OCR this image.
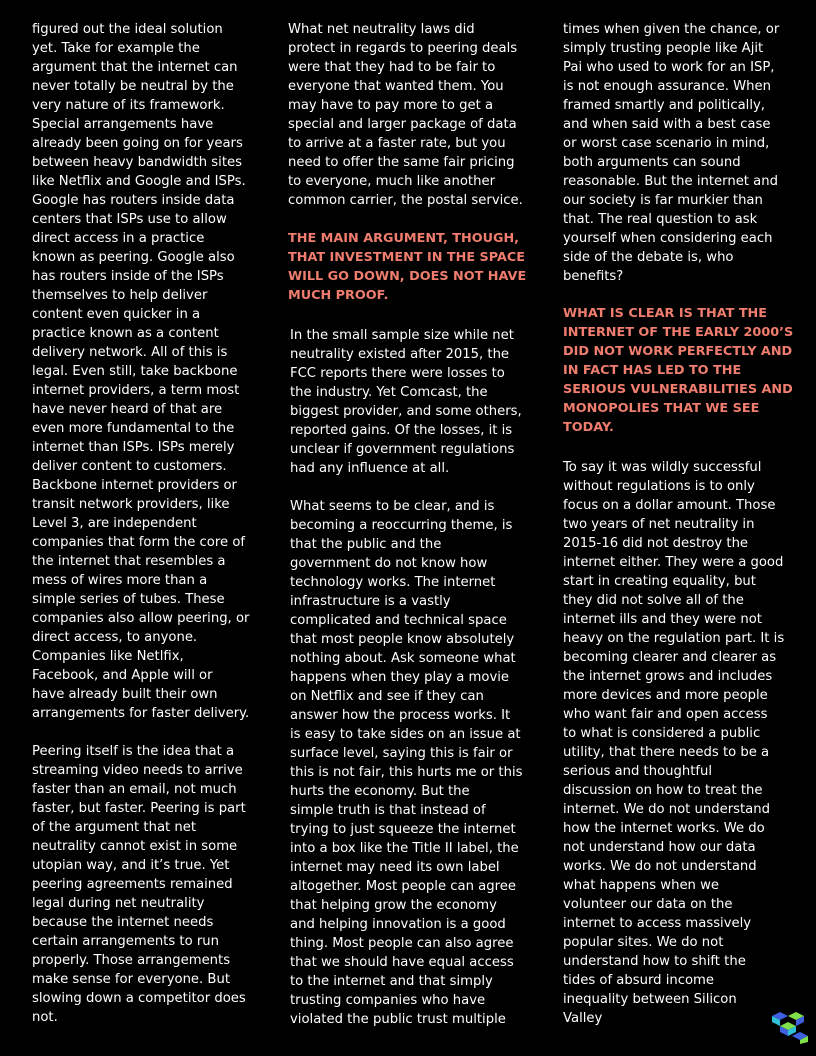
figured out the ideal solution
yet. Take for example the
argument that the internet can
never totally be neutral by the
very nature of its framework.
Special arrangements have
already been going on for years
between heavy bandwidth sites
like Netflix and Google and ISPs.
Google has routers inside data
centers that ISPs use to allow
direct access in a practice
known as peering. Google also
has routers inside of the ISPs
themselves to help deliver
content even quicker in a
practice known as a content
delivery network. All of this is
legal. Even still, take backbone
internet providers, a term most
have never heard of that are
even more fundamental to the
internet than ISPs. ISPs merely
deliver content to customers.
Backbone internet providers or
transit network providers, like
Level 3, are independent
companies that form the core of
the internet that resembles a
mess of wires more than a
simple series of tubes. These
companies also allow peering, or
direct access, to anyone.
Companies like Netlfix,
Facebook, and Apple will or
have already built their own
arrangements for faster delivery.

Peering itself is the idea that a
streaming video needs to arrive
faster than an email, not much
faster, but faster. Peering is part
of the argument that net
neutrality cannot exist in some
utopian way, and it’s true. Yet
peering agreements remained
legal during net neutrality
because the internet needs
certain arrangements to run
properly. Those arrangements
make sense for everyone. But
slowing down a competitor does
not.

What net neutrality laws did
protect in regards to peering deals
were that they had to be fair to
everyone that wanted them. You
may have to pay more to get a
special and larger package of data
to arrive at a faster rate, but you
need to offer the same fair pricing
to everyone, much like another
common carrier, the postal service.

THE MAIN ARGUMENT, THOUGH,
THAT INVESTMENT IN THE SPACE
WILL GO DOWN, DOES NOT HAVE
MUCH PROOF.

In the small sample size while net
neutrality existed after 2015, the
FCC reports there were losses to
the industry. Yet Comcast, the
biggest provider, and some others,
reported gains. Of the losses, it is
unclear if government regulations
had any influence at all.

What seems to be clear, and is
becoming a reoccurring theme, is
that the public and the
government do not know how
technology works. The internet
infrastructure is a vastly
complicated and technical space
that most people know absolutely
nothing about. Ask someone what
happens when they play a movie
on Netflix and see if they can
answer how the process works. It
is easy to take sides on an issue at
surface level, saying this is fair or
this is not fair, this hurts me or this
hurts the economy. But the
simple truth is that instead of
trying to just squeeze the internet
into a box like the Title II label, the
internet may need its own label
altogether. Most people can agree
that helping grow the economy
and helping innovation is a good
thing. Most people can also agree
that we should have equal access
to the internet and that simply
trusting companies who have
violated the public trust multiple

times when given the chance, or
simply trusting people like Ajit
Pai who used to work for an ISP,
is not enough assurance. When
framed smartly and politically,
and when said with a best case
or worst case scenario in mind,
both arguments can sound
reasonable. But the internet and
our society is far murkier than
that. The real question to ask
yourself when considering each
side of the debate is, who
benefits?

WHAT IS CLEAR IS THAT THE
INTERNET OF THE EARLY 2000’S
DID NOT WORK PERFECTLY AND
IN FACT HAS LED TO THE
SERIOUS VULNERABILITIES AND
MONOPOLIES THAT WE SEE
TODAY.

To say it was wildly successful
without regulations is to only
focus on a dollar amount. Those
two years of net neutrality in
2015-16 did not destroy the
internet either. They were a good
start in creating equality, but
they did not solve all of the
internet ills and they were not
heavy on the regulation part. It is
becoming clearer and clearer as
the internet grows and includes
more devices and more people
who want fair and open access
to what is considered a public
utility, that there needs to be a
serious and thoughtful
discussion on how to treat the
internet. We do not understand
how the internet works. We do
not understand how our data
works. We do not understand
what happens when we
volunteer our data on the
internet to access massively
popular sites. We do not
understand how to shift the
tides of absurd income
inequality between Silicon
Valley
